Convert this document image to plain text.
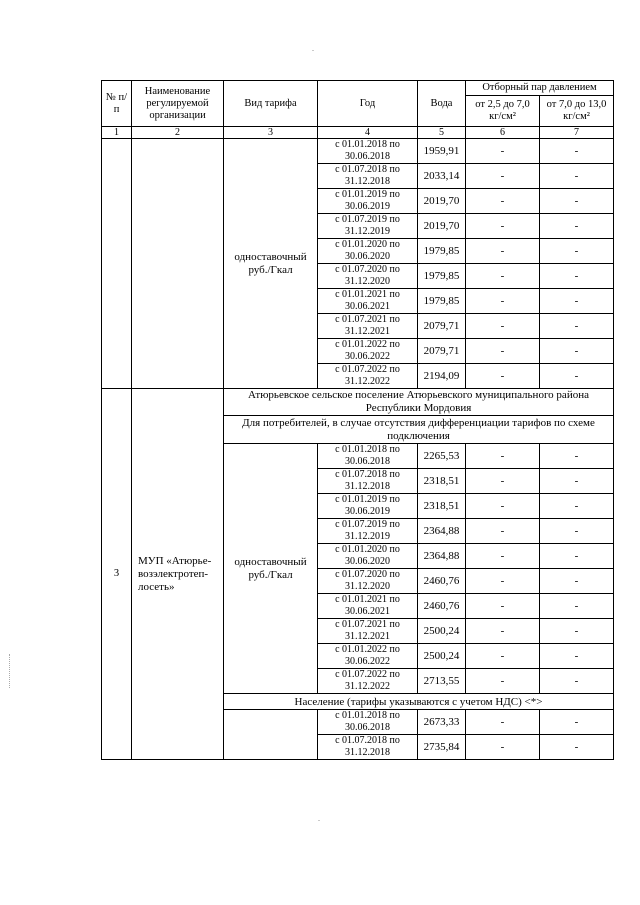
.
.
№ п/п	Наименование регулируемой организации	Вид тарифа	Год	Вода	Отборный пар давлением	
					от 2,5 до 7,0 кг/см²	от 7,0 до 13,0 кг/см²
1	2	3	4	5	6	7
		одноставочный руб./Гкал	с 01.01.2018 по 30.06.2018	1959,91	-	-
			с 01.07.2018 по 31.12.2018	2033,14	-	-
			с 01.01.2019 по 30.06.2019	2019,70	-	-
			с 01.07.2019 по 31.12.2019	2019,70	-	-
			с 01.01.2020 по 30.06.2020	1979,85	-	-
			с 01.07.2020 по 31.12.2020	1979,85	-	-
			с 01.01.2021 по 30.06.2021	1979,85	-	-
			с 01.07.2021 по 31.12.2021	2079,71	-	-
			с 01.01.2022 по 30.06.2022	2079,71	-	-
			с 01.07.2022 по 31.12.2022	2194,09	-	-
3	МУП «Атюрье-возэлектротеп-лосеть»	Атюрьевское сельское поселение Атюрьевского муниципального района Республики Мордовия				
		Для потребителей, в случае отсутствия дифференциации тарифов по схеме подключения				
		одноставочный руб./Гкал	с 01.01.2018 по 30.06.2018	2265,53	-	-
			с 01.07.2018 по 31.12.2018	2318,51	-	-
			с 01.01.2019 по 30.06.2019	2318,51	-	-
			с 01.07.2019 по 31.12.2019	2364,88	-	-
			с 01.01.2020 по 30.06.2020	2364,88	-	-
			с 01.07.2020 по 31.12.2020	2460,76	-	-
			с 01.01.2021 по 30.06.2021	2460,76	-	-
			с 01.07.2021 по 31.12.2021	2500,24	-	-
			с 01.01.2022 по 30.06.2022	2500,24	-	-
			с 01.07.2022 по 31.12.2022	2713,55	-	-
		Население (тарифы указываются с учетом НДС) <*>				
			с 01.01.2018 по 30.06.2018	2673,33	-	-
			с 01.07.2018 по 31.12.2018	2735,84	-	-
